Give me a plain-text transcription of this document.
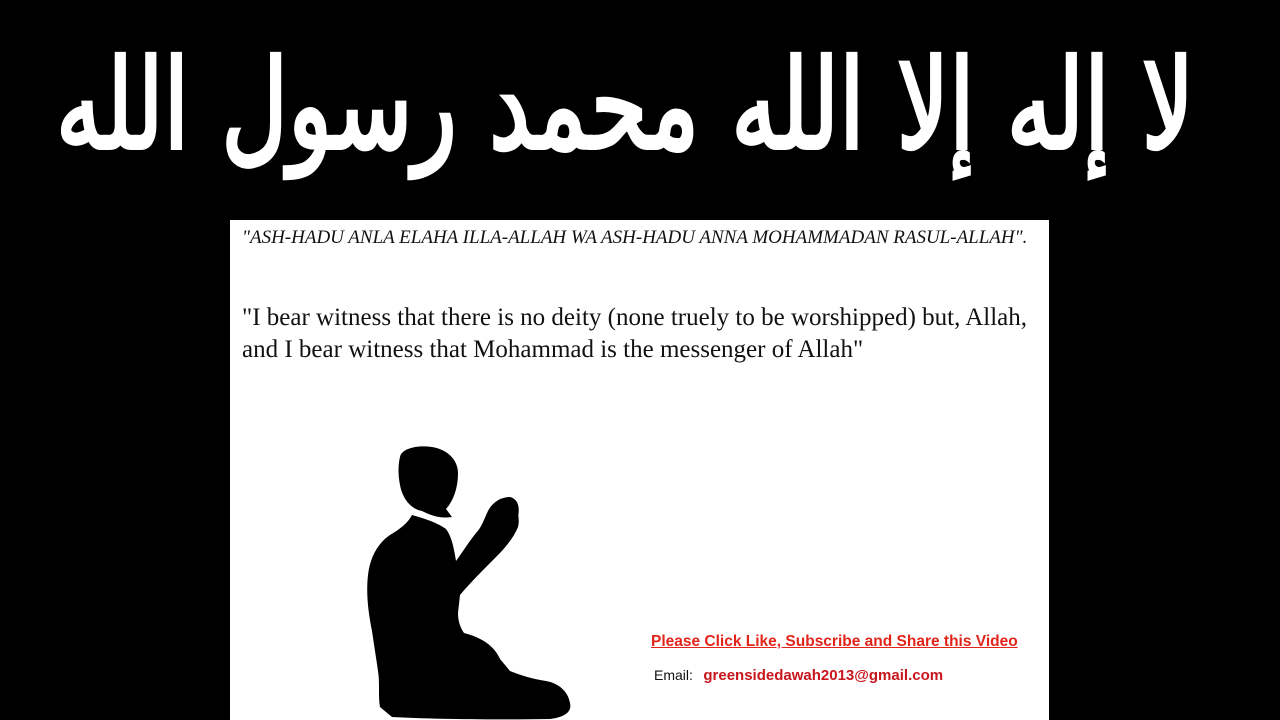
لا إله إلا الله محمد رسول الله

"ASH-HADU ANLA ELAHA ILLA-ALLAH WA ASH-HADU ANNA MOHAMMADAN RASUL-ALLAH".

"I bear witness that there is no deity (none truely to be worshipped) but, Allah, and I bear witness that Mohammad is the messenger of Allah"

Please Click Like, Subscribe and Share this Video
Email: greensidedawah2013@gmail.com
